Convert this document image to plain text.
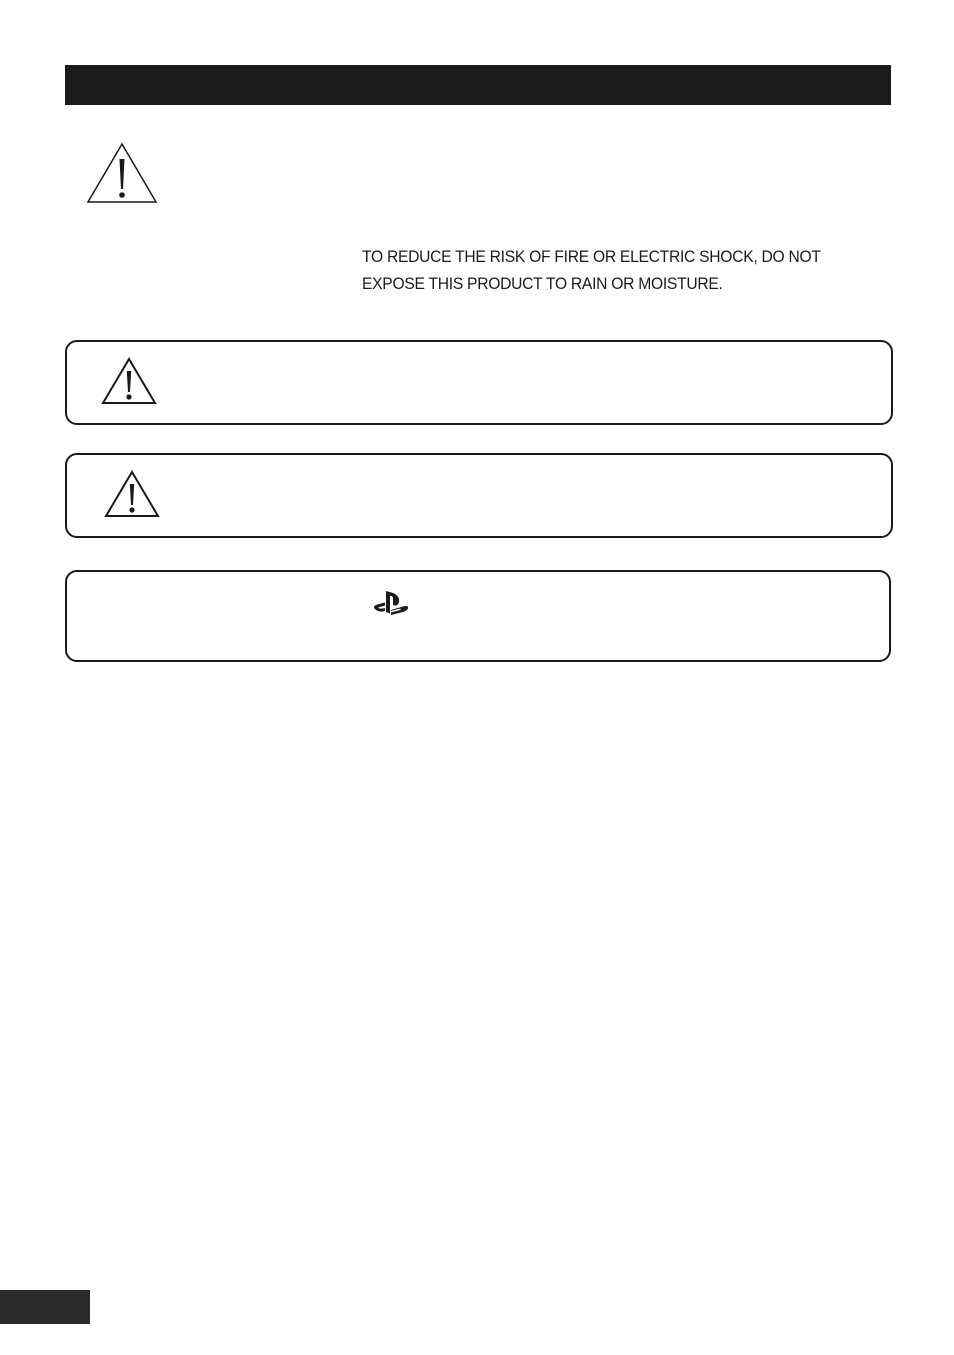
TO REDUCE THE RISK OF FIRE OR ELECTRIC SHOCK, DO NOT
EXPOSE THIS PRODUCT TO RAIN OR MOISTURE.
